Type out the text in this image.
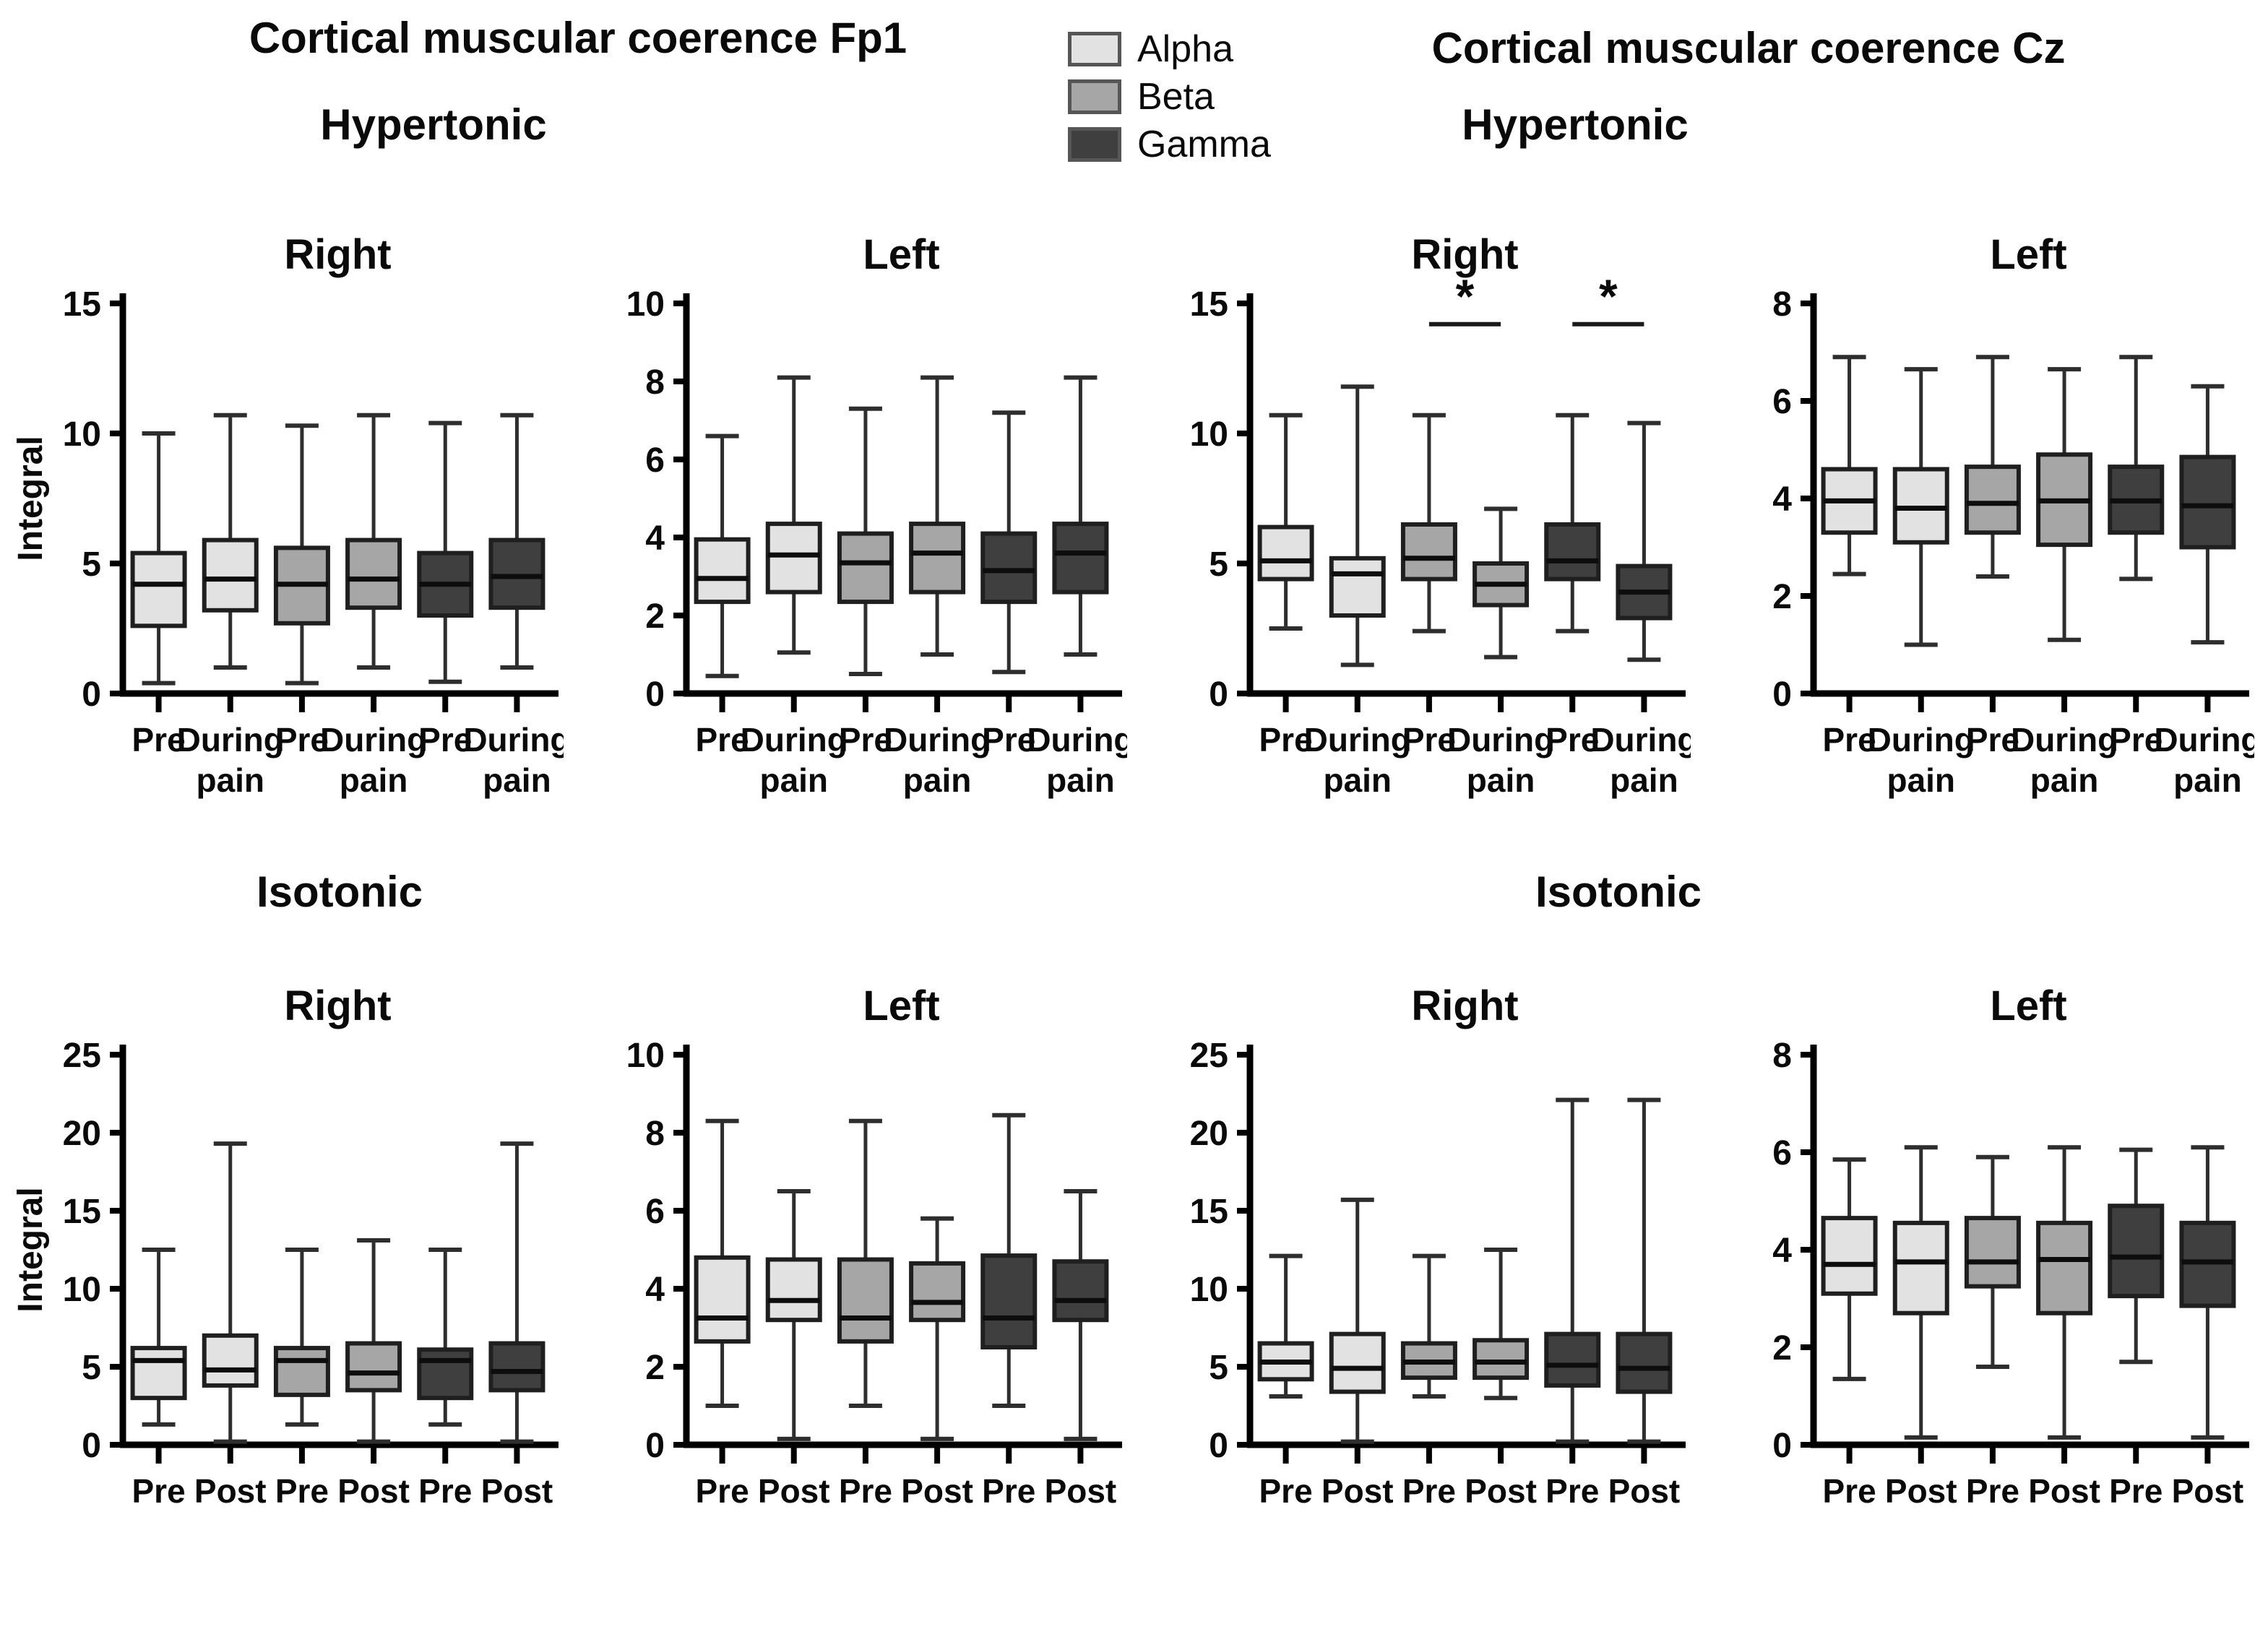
Cortical muscular coerence Fp1	Cortical muscular coerence Cz
Alpha
Beta
Gamma
Hypertonic	Hypertonic
Isotonic	Isotonic
Right
0
5
10
15
Integral
Pre
During
pain
Pre
During
pain
Pre
During
pain
Left
0
2
4
6
8
10
Pre
During
pain
Pre
During
pain
Pre
During
pain
Right
0
5
10
15
Pre
During
pain
Pre
During
pain
Pre
During
pain
*	*
Left
0
2
4
6
8
Pre
During
pain
Pre
During
pain
Pre
During
pain
Right
0
5
10
15
20
25
Integral
Pre Post Pre Post Pre Post
Left
0
2
4
6
8
10
Pre Post Pre Post Pre Post
Right
0
5
10
15
20
25
Pre Post Pre Post Pre Post
Left
0
2
4
6
8
Pre Post Pre Post Pre Post
